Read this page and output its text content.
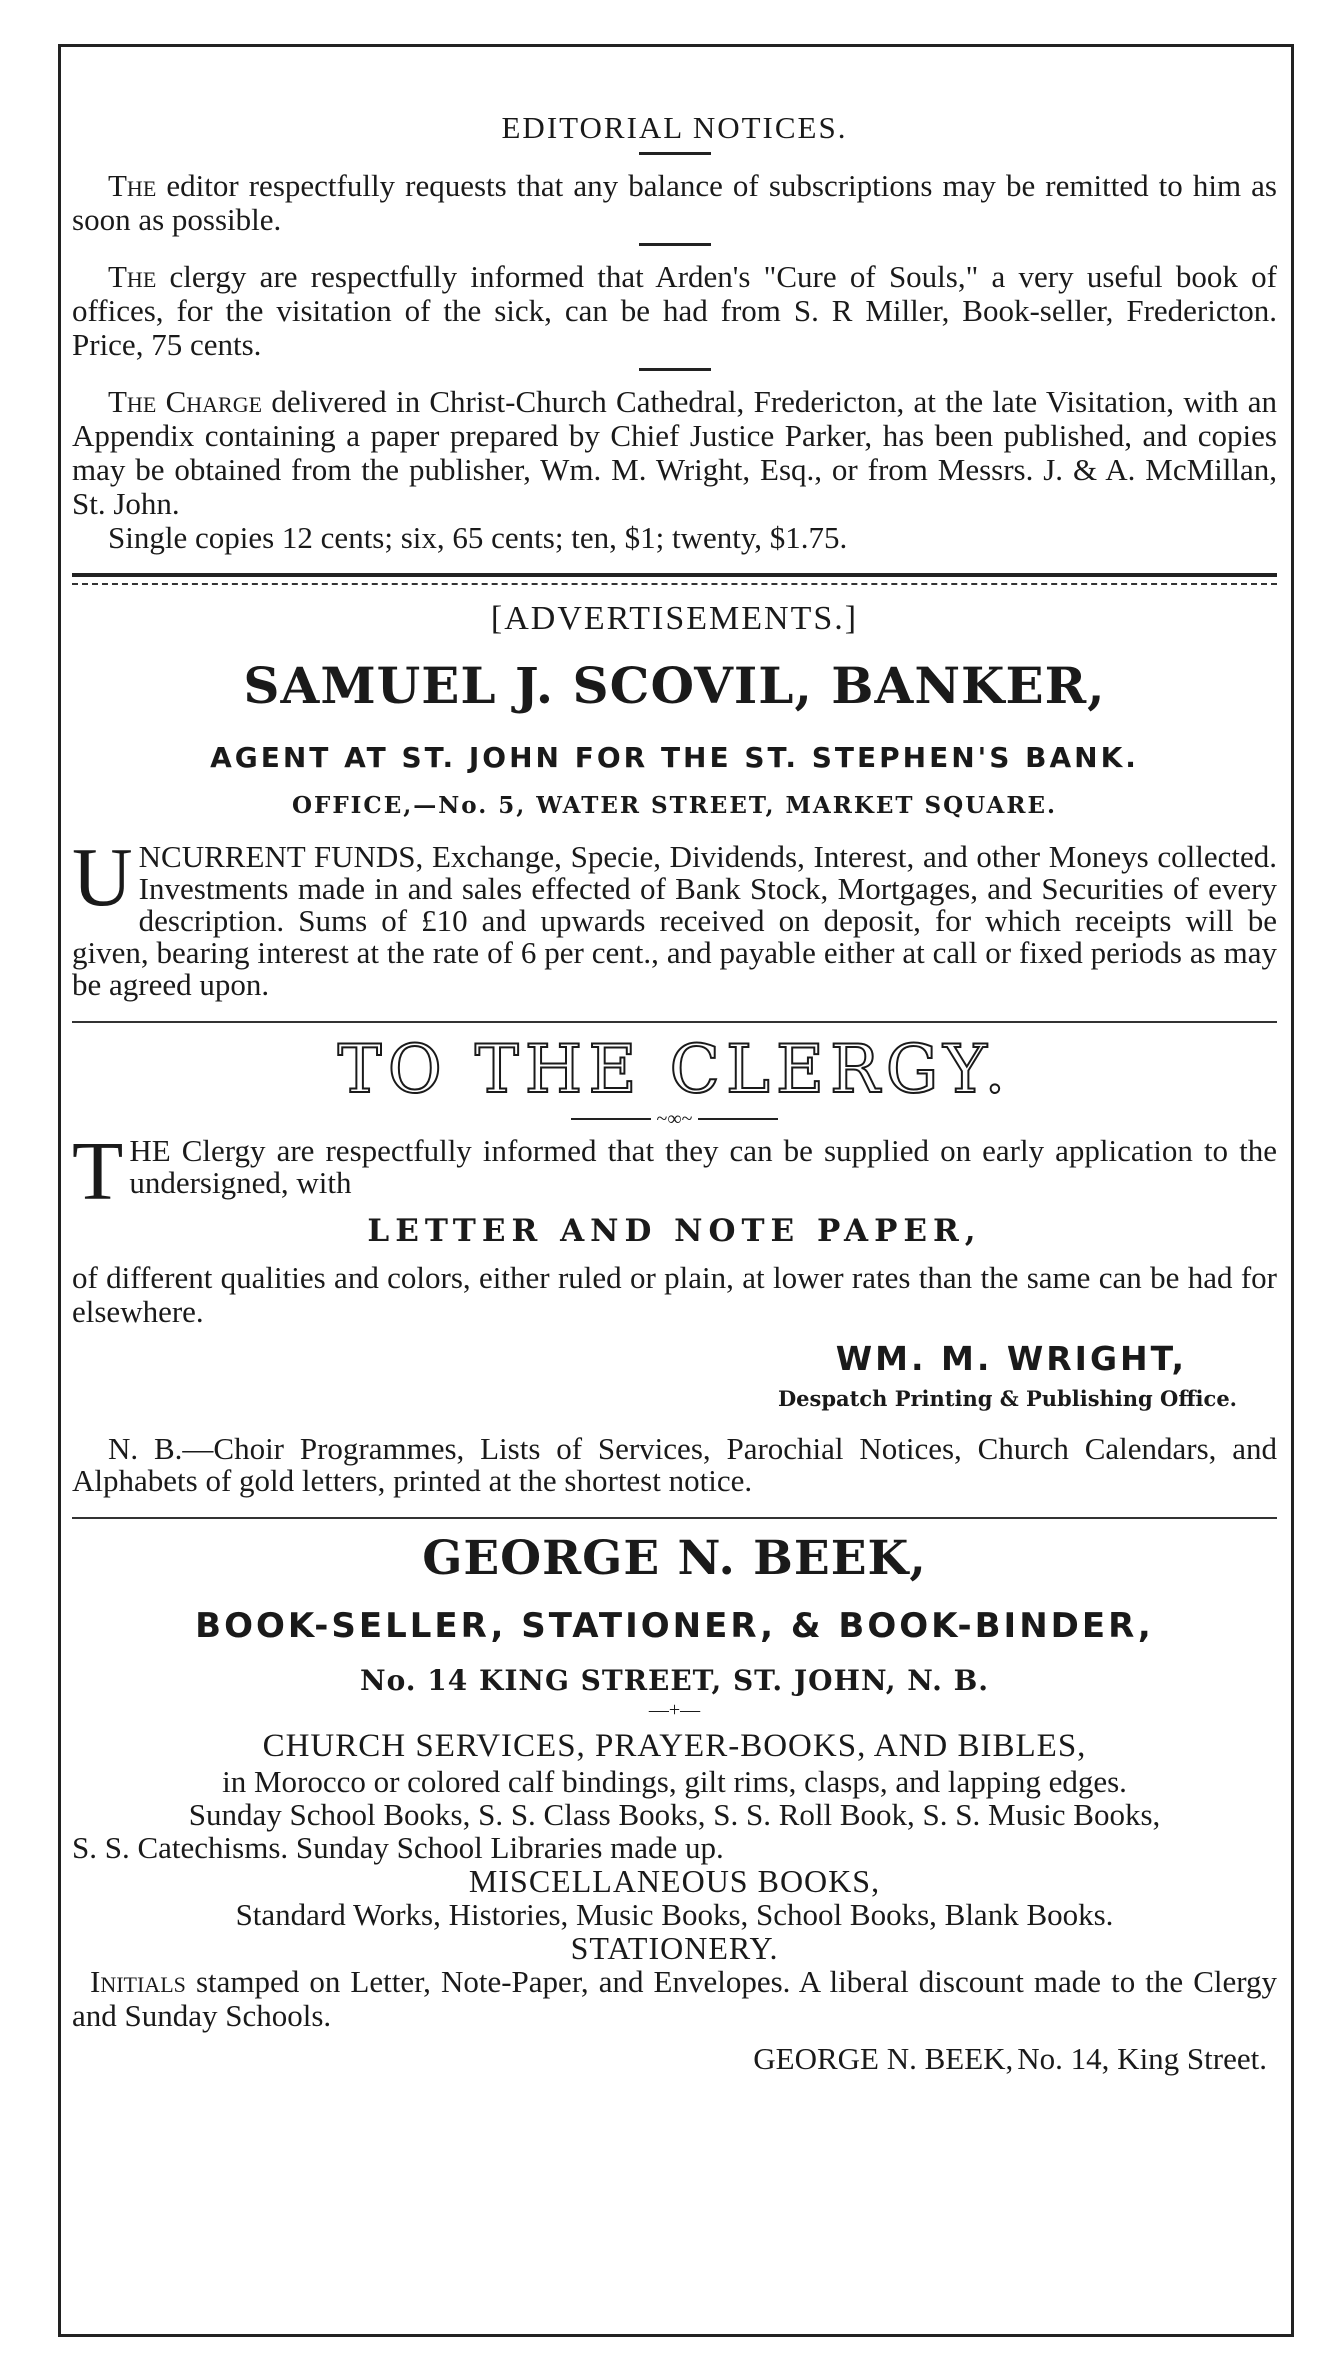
EDITORIAL NOTICES.

The editor respectfully requests that any balance of subscriptions may be remitted to him as soon as possible.

The clergy are respectfully informed that Arden's "Cure of Souls," a very useful book of offices, for the visitation of the sick, can be had from S. R Miller, Book-seller, Fredericton. Price, 75 cents.

The Charge delivered in Christ-Church Cathedral, Fredericton, at the late Visitation, with an Appendix containing a paper prepared by Chief Justice Parker, has been published, and copies may be obtained from the publisher, Wm. M. Wright, Esq., or from Messrs. J. & A. McMillan, St. John.

Single copies 12 cents; six, 65 cents; ten, $1; twenty, $1.75.

[ADVERTISEMENTS.]
SAMUEL J. SCOVIL, BANKER,
AGENT AT ST. JOHN FOR THE ST. STEPHEN'S BANK.
OFFICE,—No. 5, WATER STREET, MARKET SQUARE.

UNCURRENT FUNDS, Exchange, Specie, Dividends, Interest, and other Moneys collected. Investments made in and sales effected of Bank Stock, Mortgages, and Securities of every description. Sums of £10 and upwards received on deposit, for which receipts will be given, bearing interest at the rate of 6 per cent., and payable either at call or fixed periods as may be agreed upon.

TO THE CLERGY.
~∞~

THE Clergy are respectfully informed that they can be supplied on early application to the undersigned, with

LETTER AND NOTE PAPER,

of different qualities and colors, either ruled or plain, at lower rates than the same can be had for elsewhere.

WM. M. WRIGHT,
Despatch Printing & Publishing Office.

N. B.—Choir Programmes, Lists of Services, Parochial Notices, Church Calendars, and Alphabets of gold letters, printed at the shortest notice.

GEORGE N. BEEK,
BOOK-SELLER, STATIONER, & BOOK-BINDER,
No. 14 KING STREET, ST. JOHN, N. B.
—+—
CHURCH SERVICES, PRAYER-BOOKS, AND BIBLES,
in Morocco or colored calf bindings, gilt rims, clasps, and lapping edges.
Sunday School Books, S. S. Class Books, S. S. Roll Book, S. S. Music Books,
S. S. Catechisms. Sunday School Libraries made up.
MISCELLANEOUS BOOKS,
Standard Works, Histories, Music Books, School Books, Blank Books.
STATIONERY.

Initials stamped on Letter, Note-Paper, and Envelopes. A liberal discount made to the Clergy and Sunday Schools.

GEORGE N. BEEK, No. 14, King Street.
